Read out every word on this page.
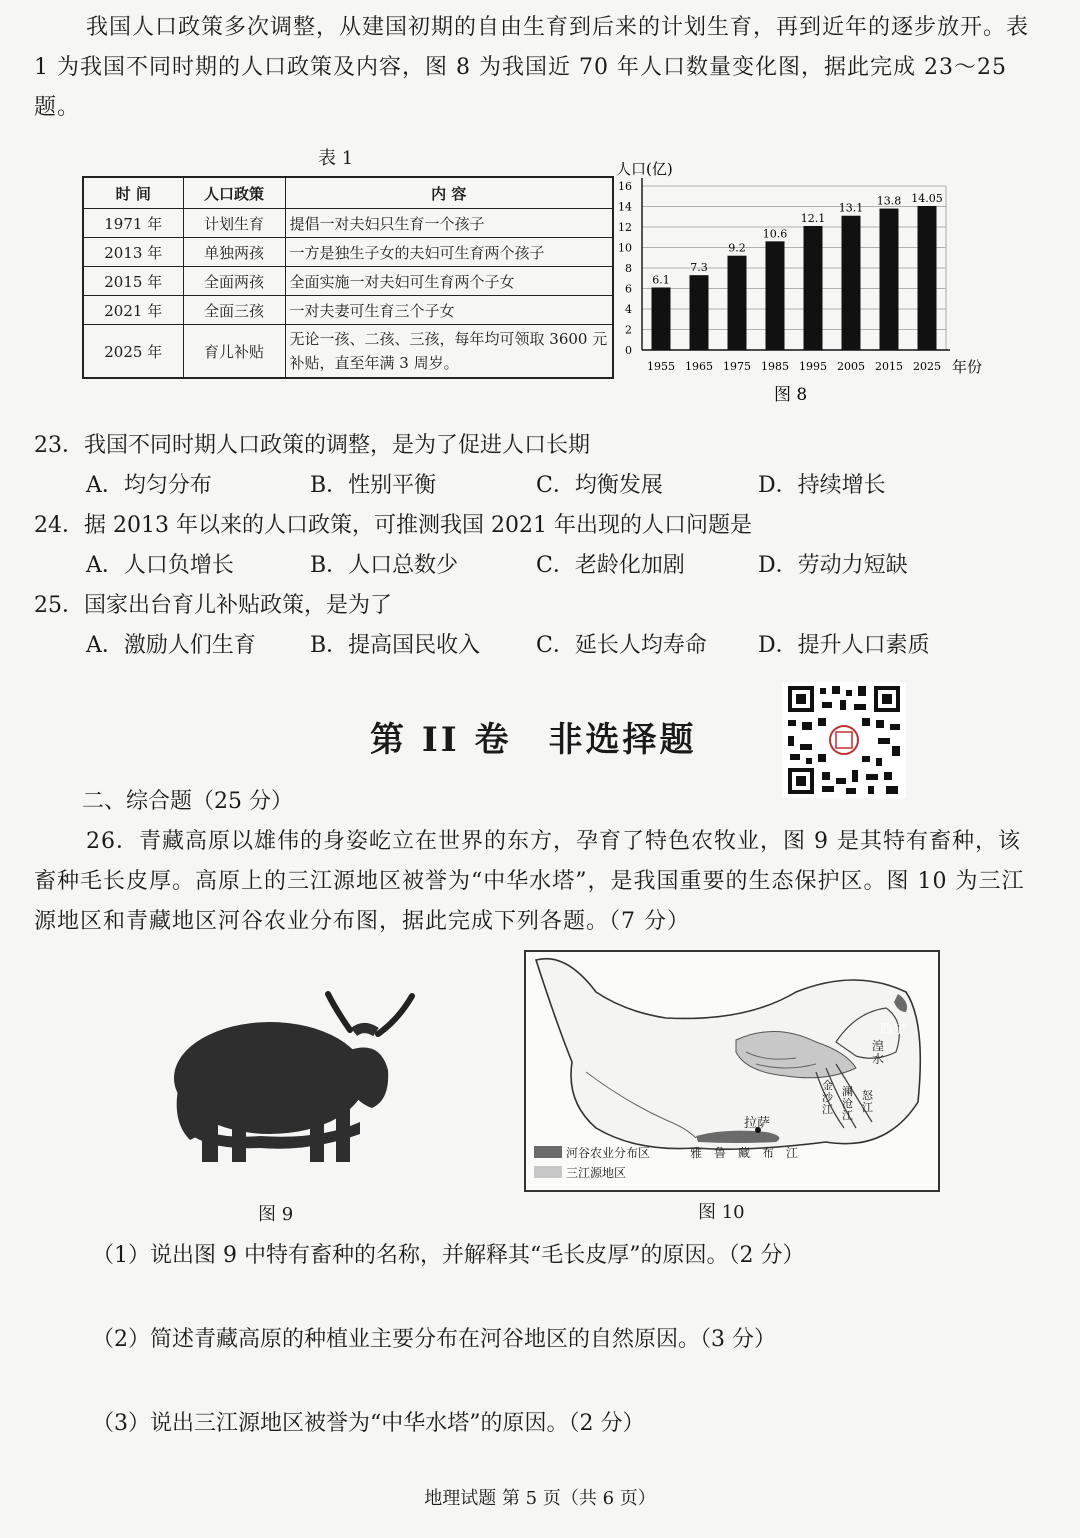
我国人口政策多次调整，从建国初期的自由生育到后来的计划生育，再到近年的逐步放开。表 1 为我国不同时期的人口政策及内容，图 8 为我国近 70 年人口数量变化图，据此完成 23～25 题。
表 1
时 间	人口政策	内 容
1971 年	计划生育	提倡一对夫妇只生育一个孩子
2013 年	单独两孩	一方是独生子女的夫妇可生育两个孩子
2015 年	全面两孩	全面实施一对夫妇可生育两个子女
2021 年	全面三孩	一对夫妻可生育三个子女
2025 年	育儿补贴	无论一孩、二孩、三孩，每年均可领取 3600 元补贴，直至年满 3 周岁。
人口(亿)
年份
图 8
6.1
7.3
9.2
10.6
12.1
13.1
13.8 14.05
0
2
4
6
8
10
12
14
16
1955 1965 1975 1985 1995 2005 2015 2025
23．我国不同时期人口政策的调整，是为了促进人口长期
A．均匀分布	B．性别平衡	C．均衡发展	D．持续增长
24．据 2013 年以来的人口政策，可推测我国 2021 年出现的人口问题是
A．人口负增长	B．人口总数少	C．老龄化加剧	D．劳动力短缺
25．国家出台育儿补贴政策，是为了
A．激励人们生育	B．提高国民收入	C．延长人均寿命	D．提升人口素质
第 II 卷　非选择题
二、综合题（25 分）
26．青藏高原以雄伟的身姿屹立在世界的东方，孕育了特色农牧业，图 9 是其特有畜种，该畜种毛长皮厚。高原上的三江源地区被誉为“中华水塔”，是我国重要的生态保护区。图 10 为三江源地区和青藏地区河谷农业分布图，据此完成下列各题。（7 分）
图 9
西宁
湟水
拉萨
雅鲁藏布江
金沙江
澜沧江
怒江
河谷农业分布区
三江源地区
图 10
（1）说出图 9 中特有畜种的名称，并解释其“毛长皮厚”的原因。（2 分）
（2）简述青藏高原的种植业主要分布在河谷地区的自然原因。（3 分）
（3）说出三江源地区被誉为“中华水塔”的原因。（2 分）
地理试题 第 5 页（共 6 页）
